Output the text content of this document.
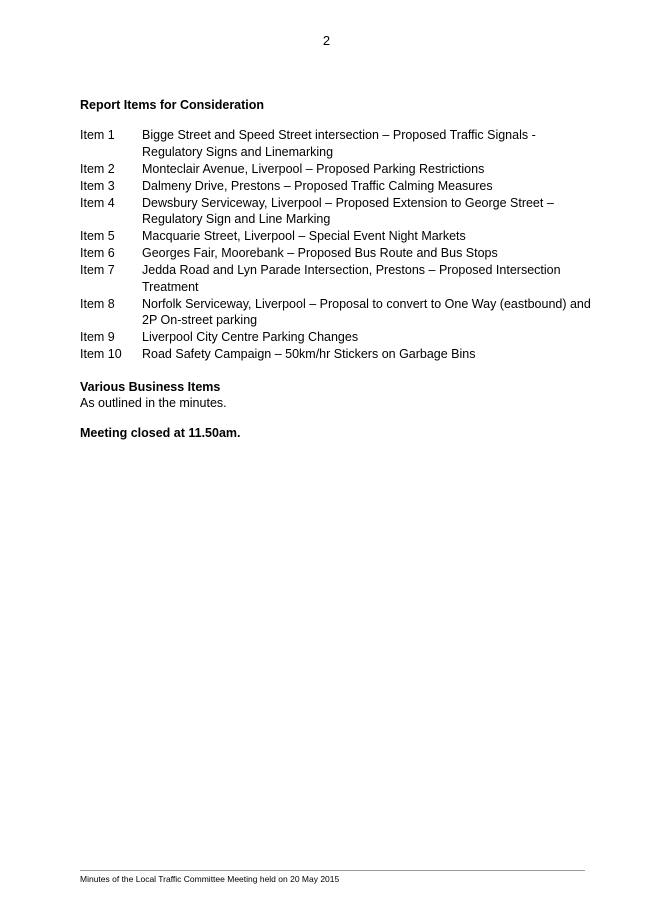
2
Report Items for Consideration
Item 1	Bigge Street and Speed Street intersection – Proposed Traffic Signals -
Regulatory Signs and Linemarking
Item 2	Monteclair Avenue, Liverpool – Proposed Parking Restrictions
Item 3	Dalmeny Drive, Prestons – Proposed Traffic Calming Measures
Item 4	Dewsbury Serviceway, Liverpool – Proposed Extension to George Street –
Regulatory Sign and Line Marking
Item 5	Macquarie Street, Liverpool – Special Event Night Markets
Item 6	Georges Fair, Moorebank – Proposed Bus Route and Bus Stops
Item 7	Jedda Road and Lyn Parade Intersection, Prestons – Proposed Intersection
Treatment
Item 8	Norfolk Serviceway, Liverpool – Proposal to convert to One Way (eastbound) and
2P On-street parking
Item 9	Liverpool City Centre Parking Changes
Item 10	Road Safety Campaign – 50km/hr Stickers on Garbage Bins
Various Business Items
As outlined in the minutes.
Meeting closed at 11.50am.
Minutes of the Local Traffic Committee Meeting held on 20 May 2015
